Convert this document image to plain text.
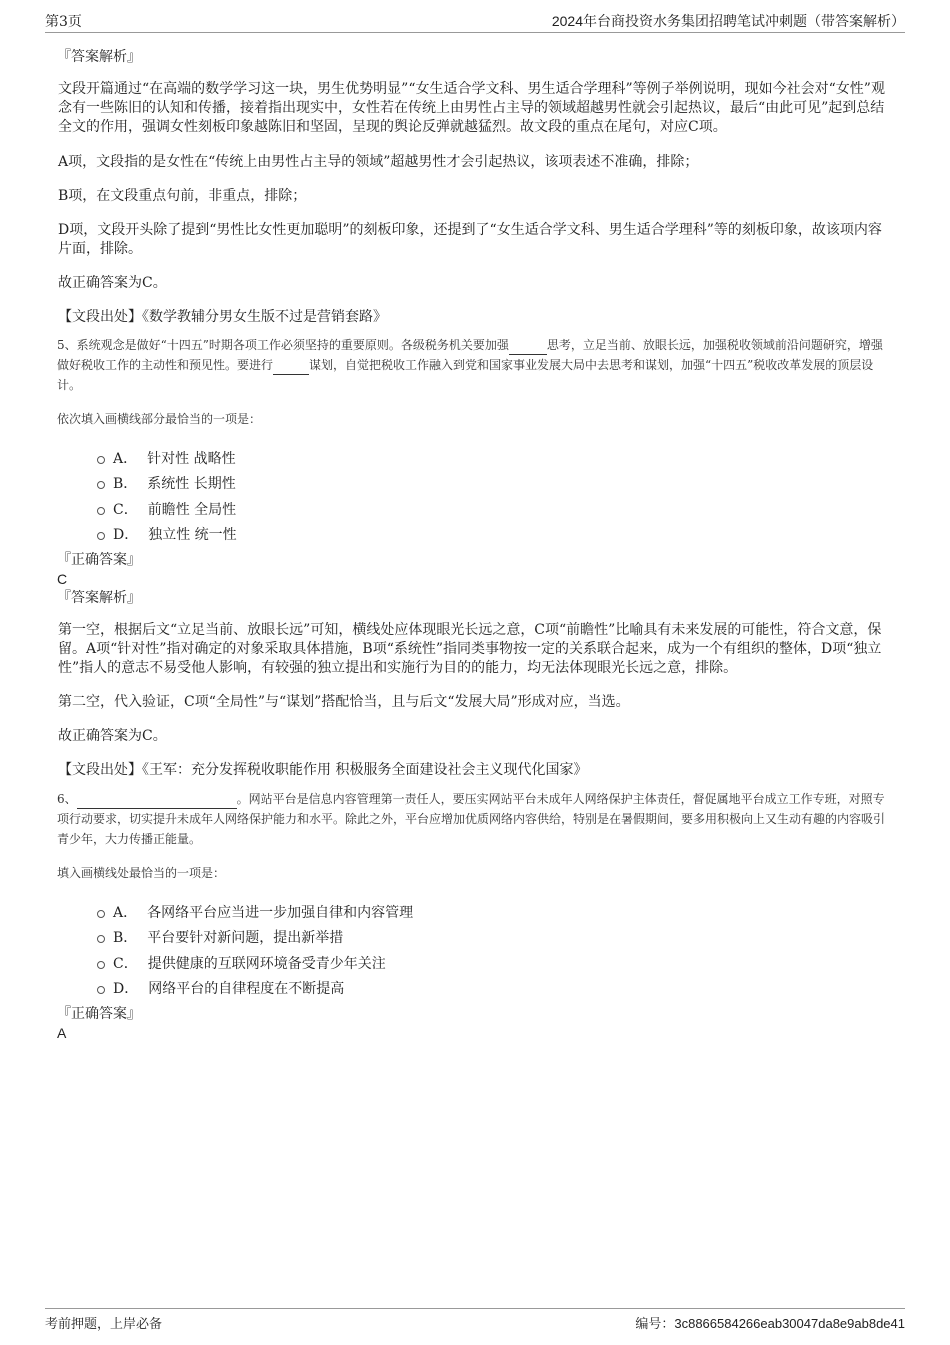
第3页	2024年台商投资水务集团招聘笔试冲刺题（带答案解析）

『答案解析』

文段开篇通过“在高端的数学学习这一块，男生优势明显”“女生适合学文科、男生适合学理科”等例子举例说明，现如今社会对“女性”观念有一些陈旧的认知和传播，接着指出现实中，女性若在传统上由男性占主导的领域超越男性就会引起热议，最后“由此可见”起到总结全文的作用，强调女性刻板印象越陈旧和坚固，呈现的舆论反弹就越猛烈。故文段的重点在尾句，对应C项。

A项，文段指的是女性在“传统上由男性占主导的领域”超越男性才会引起热议，该项表述不准确，排除；

B项，在文段重点句前，非重点，排除；

D项，文段开头除了提到“男性比女性更加聪明”的刻板印象，还提到了“女生适合学文科、男生适合学理科”等的刻板印象，故该项内容片面，排除。

故正确答案为C。

【文段出处】《数学教辅分男女生版不过是营销套路》

5、系统观念是做好“十四五”时期各项工作必须坚持的重要原则。各级税务机关要加强	思考，立足当前、放眼长远，加强税收领域前沿问题研究，增强做好税收工作的主动性和预见性。要进行	谋划，自觉把税收工作融入到党和国家事业发展大局中去思考和谋划，加强“十四五”税收改革发展的顶层设计。

依次填入画横线部分最恰当的一项是：

A． 针对性 战略性
B． 系统性 长期性
C． 前瞻性 全局性
D． 独立性 统一性

『正确答案』

C

『答案解析』

第一空，根据后文“立足当前、放眼长远”可知，横线处应体现眼光长远之意，C项“前瞻性”比喻具有未来发展的可能性，符合文意，保留。A项“针对性”指对确定的对象采取具体措施，B项“系统性”指同类事物按一定的关系联合起来，成为一个有组织的整体，D项“独立性”指人的意志不易受他人影响，有较强的独立提出和实施行为目的的能力，均无法体现眼光长远之意，排除。

第二空，代入验证，C项“全局性”与“谋划”搭配恰当，且与后文“发展大局”形成对应，当选。

故正确答案为C。

【文段出处】《王军：充分发挥税收职能作用 积极服务全面建设社会主义现代化国家》

6、	。网站平台是信息内容管理第一责任人，要压实网站平台未成年人网络保护主体责任，督促属地平台成立工作专班，对照专项行动要求，切实提升未成年人网络保护能力和水平。除此之外，平台应增加优质网络内容供给，特别是在暑假期间，要多用积极向上又生动有趣的内容吸引青少年，大力传播正能量。

填入画横线处最恰当的一项是：

A． 各网络平台应当进一步加强自律和内容管理
B． 平台要针对新问题，提出新举措
C． 提供健康的互联网环境备受青少年关注
D． 网络平台的自律程度在不断提高

『正确答案』

A

考前押题，上岸必备	编号：3c8866584266eab30047da8e9ab8de41
